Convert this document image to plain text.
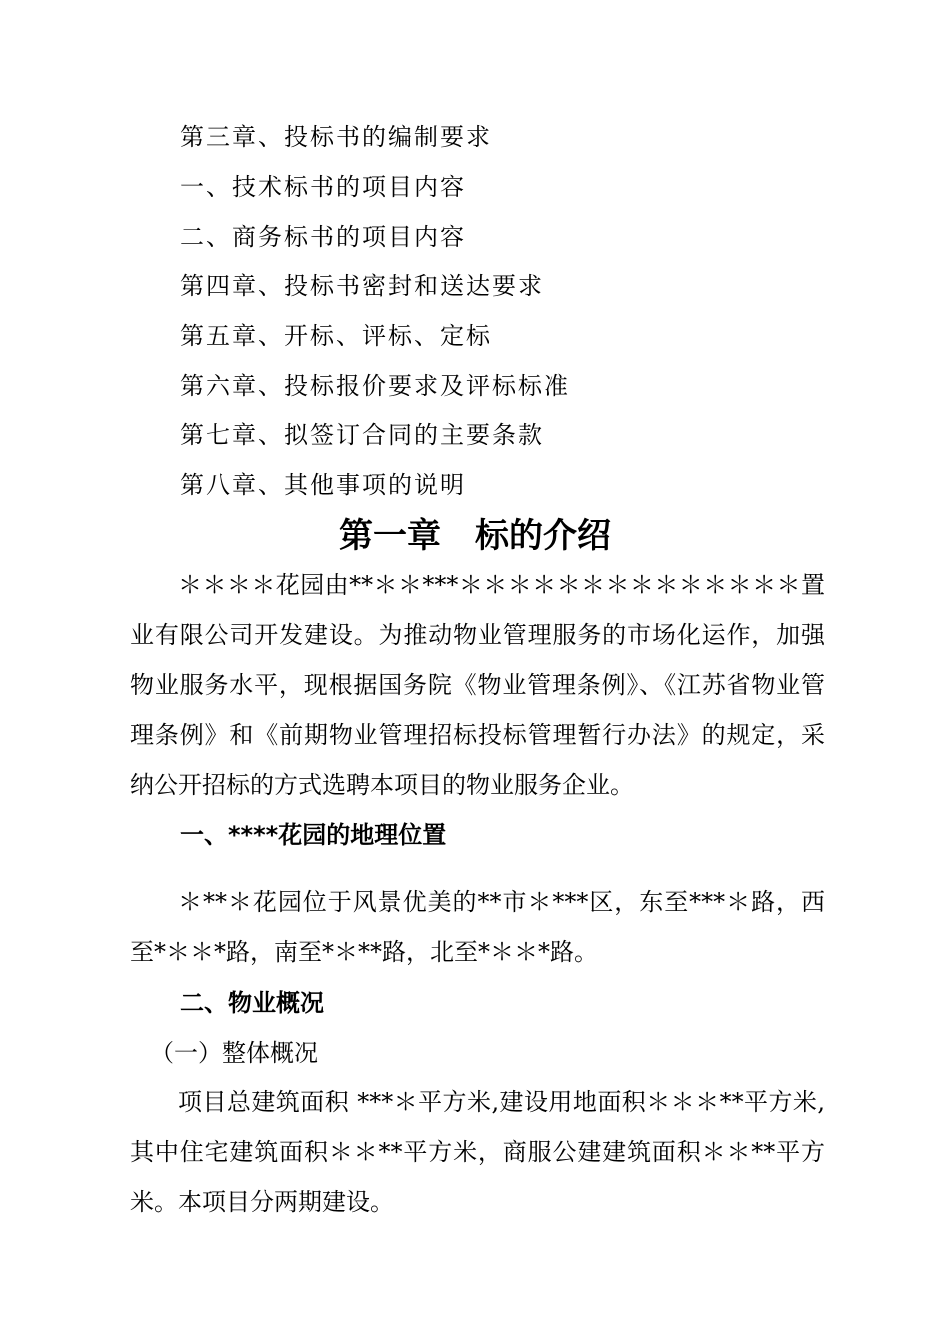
第三章、投标书的编制要求
一、技术标书的项目内容
二、商务标书的项目内容
第四章、投标书密封和送达要求
第五章、开标、评标、定标
第六章、投标报价要求及评标标准
第七章、拟签订合同的主要条款
第八章、其他事项的说明
第一章　标的介绍
＊＊＊＊花园由**＊＊***＊＊＊＊＊＊＊＊＊＊＊＊＊＊置业有限公司开发建设。为推动物业管理服务的市场化运作，加强物业服务水平，现根据国务院《物业管理条例》、《江苏省物业管理条例》和《前期物业管理招标投标管理暂行办法》的规定，采纳公开招标的方式选聘本项目的物业服务企业。
一、****花园的地理位置
＊**＊花园位于风景优美的**市＊***区，东至***＊路，西至*＊＊*路，南至*＊**路，北至*＊＊*路。
二、物业概况
（一）整体概况
项目总建筑面积 ***＊平方米,建设用地面积＊＊＊**平方米,其中住宅建筑面积＊＊**平方米，商服公建建筑面积＊＊**平方米。本项目分两期建设。
